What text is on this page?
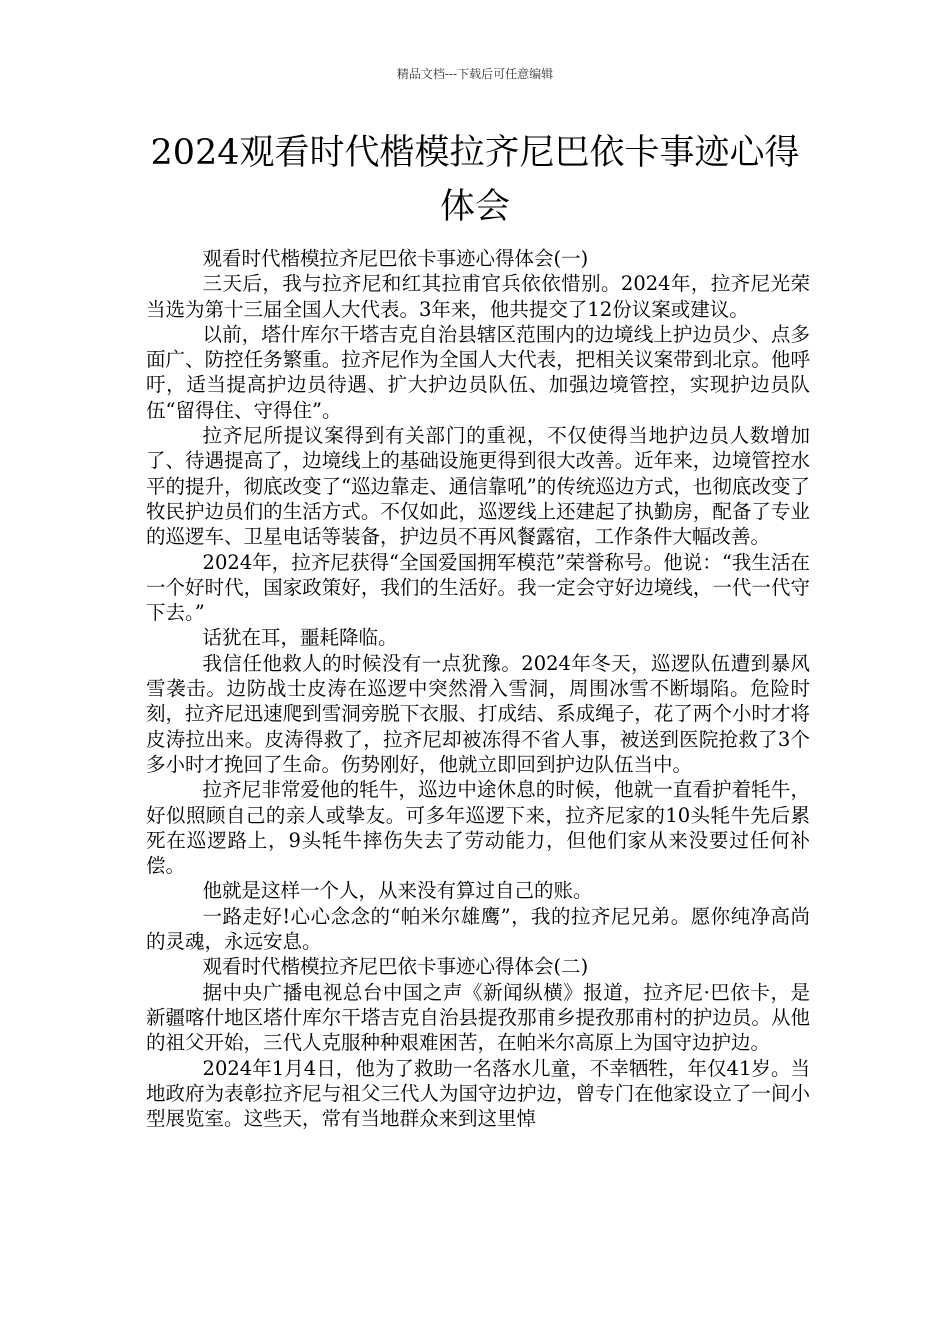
精品文档---下载后可任意编辑
2024观看时代楷模拉齐尼巴依卡事迹心得体会

观看时代楷模拉齐尼巴依卡事迹心得体会(一)

三天后，我与拉齐尼和红其拉甫官兵依依惜别。2024年，拉齐尼光荣当选为第十三届全国人大代表。3年来，他共提交了12份议案或建议。

以前，塔什库尔干塔吉克自治县辖区范围内的边境线上护边员少、点多面广、防控任务繁重。拉齐尼作为全国人大代表，把相关议案带到北京。他呼吁，适当提高护边员待遇、扩大护边员队伍、加强边境管控，实现护边员队伍“留得住、守得住”。

拉齐尼所提议案得到有关部门的重视，不仅使得当地护边员人数增加了、待遇提高了，边境线上的基础设施更得到很大改善。近年来，边境管控水平的提升，彻底改变了“巡边靠走、通信靠吼”的传统巡边方式，也彻底改变了牧民护边员们的生活方式。不仅如此，巡逻线上还建起了执勤房，配备了专业的巡逻车、卫星电话等装备，护边员不再风餐露宿，工作条件大幅改善。

2024年，拉齐尼获得“全国爱国拥军模范”荣誉称号。他说：“我生活在一个好时代，国家政策好，我们的生活好。我一定会守好边境线，一代一代守下去。”

话犹在耳，噩耗降临。

我信任他救人的时候没有一点犹豫。2024年冬天，巡逻队伍遭到暴风雪袭击。边防战士皮涛在巡逻中突然滑入雪洞，周围冰雪不断塌陷。危险时刻，拉齐尼迅速爬到雪洞旁脱下衣服、打成结、系成绳子，花了两个小时才将皮涛拉出来。皮涛得救了，拉齐尼却被冻得不省人事，被送到医院抢救了3个多小时才挽回了生命。伤势刚好，他就立即回到护边队伍当中。

拉齐尼非常爱他的牦牛，巡边中途休息的时候，他就一直看护着牦牛，好似照顾自己的亲人或挚友。可多年巡逻下来，拉齐尼家的10头牦牛先后累死在巡逻路上，9头牦牛摔伤失去了劳动能力，但他们家从来没要过任何补偿。

他就是这样一个人，从来没有算过自己的账。

一路走好!心心念念的“帕米尔雄鹰”，我的拉齐尼兄弟。愿你纯净高尚的灵魂，永远安息。

观看时代楷模拉齐尼巴依卡事迹心得体会(二)

据中央广播电视总台中国之声《新闻纵横》报道，拉齐尼·巴依卡，是新疆喀什地区塔什库尔干塔吉克自治县提孜那甫乡提孜那甫村的护边员。从他的祖父开始，三代人克服种种艰难困苦，在帕米尔高原上为国守边护边。

2024年1月4日，他为了救助一名落水儿童，不幸牺牲，年仅41岁。当地政府为表彰拉齐尼与祖父三代人为国守边护边，曾专门在他家设立了一间小型展览室。这些天，常有当地群众来到这里悼
